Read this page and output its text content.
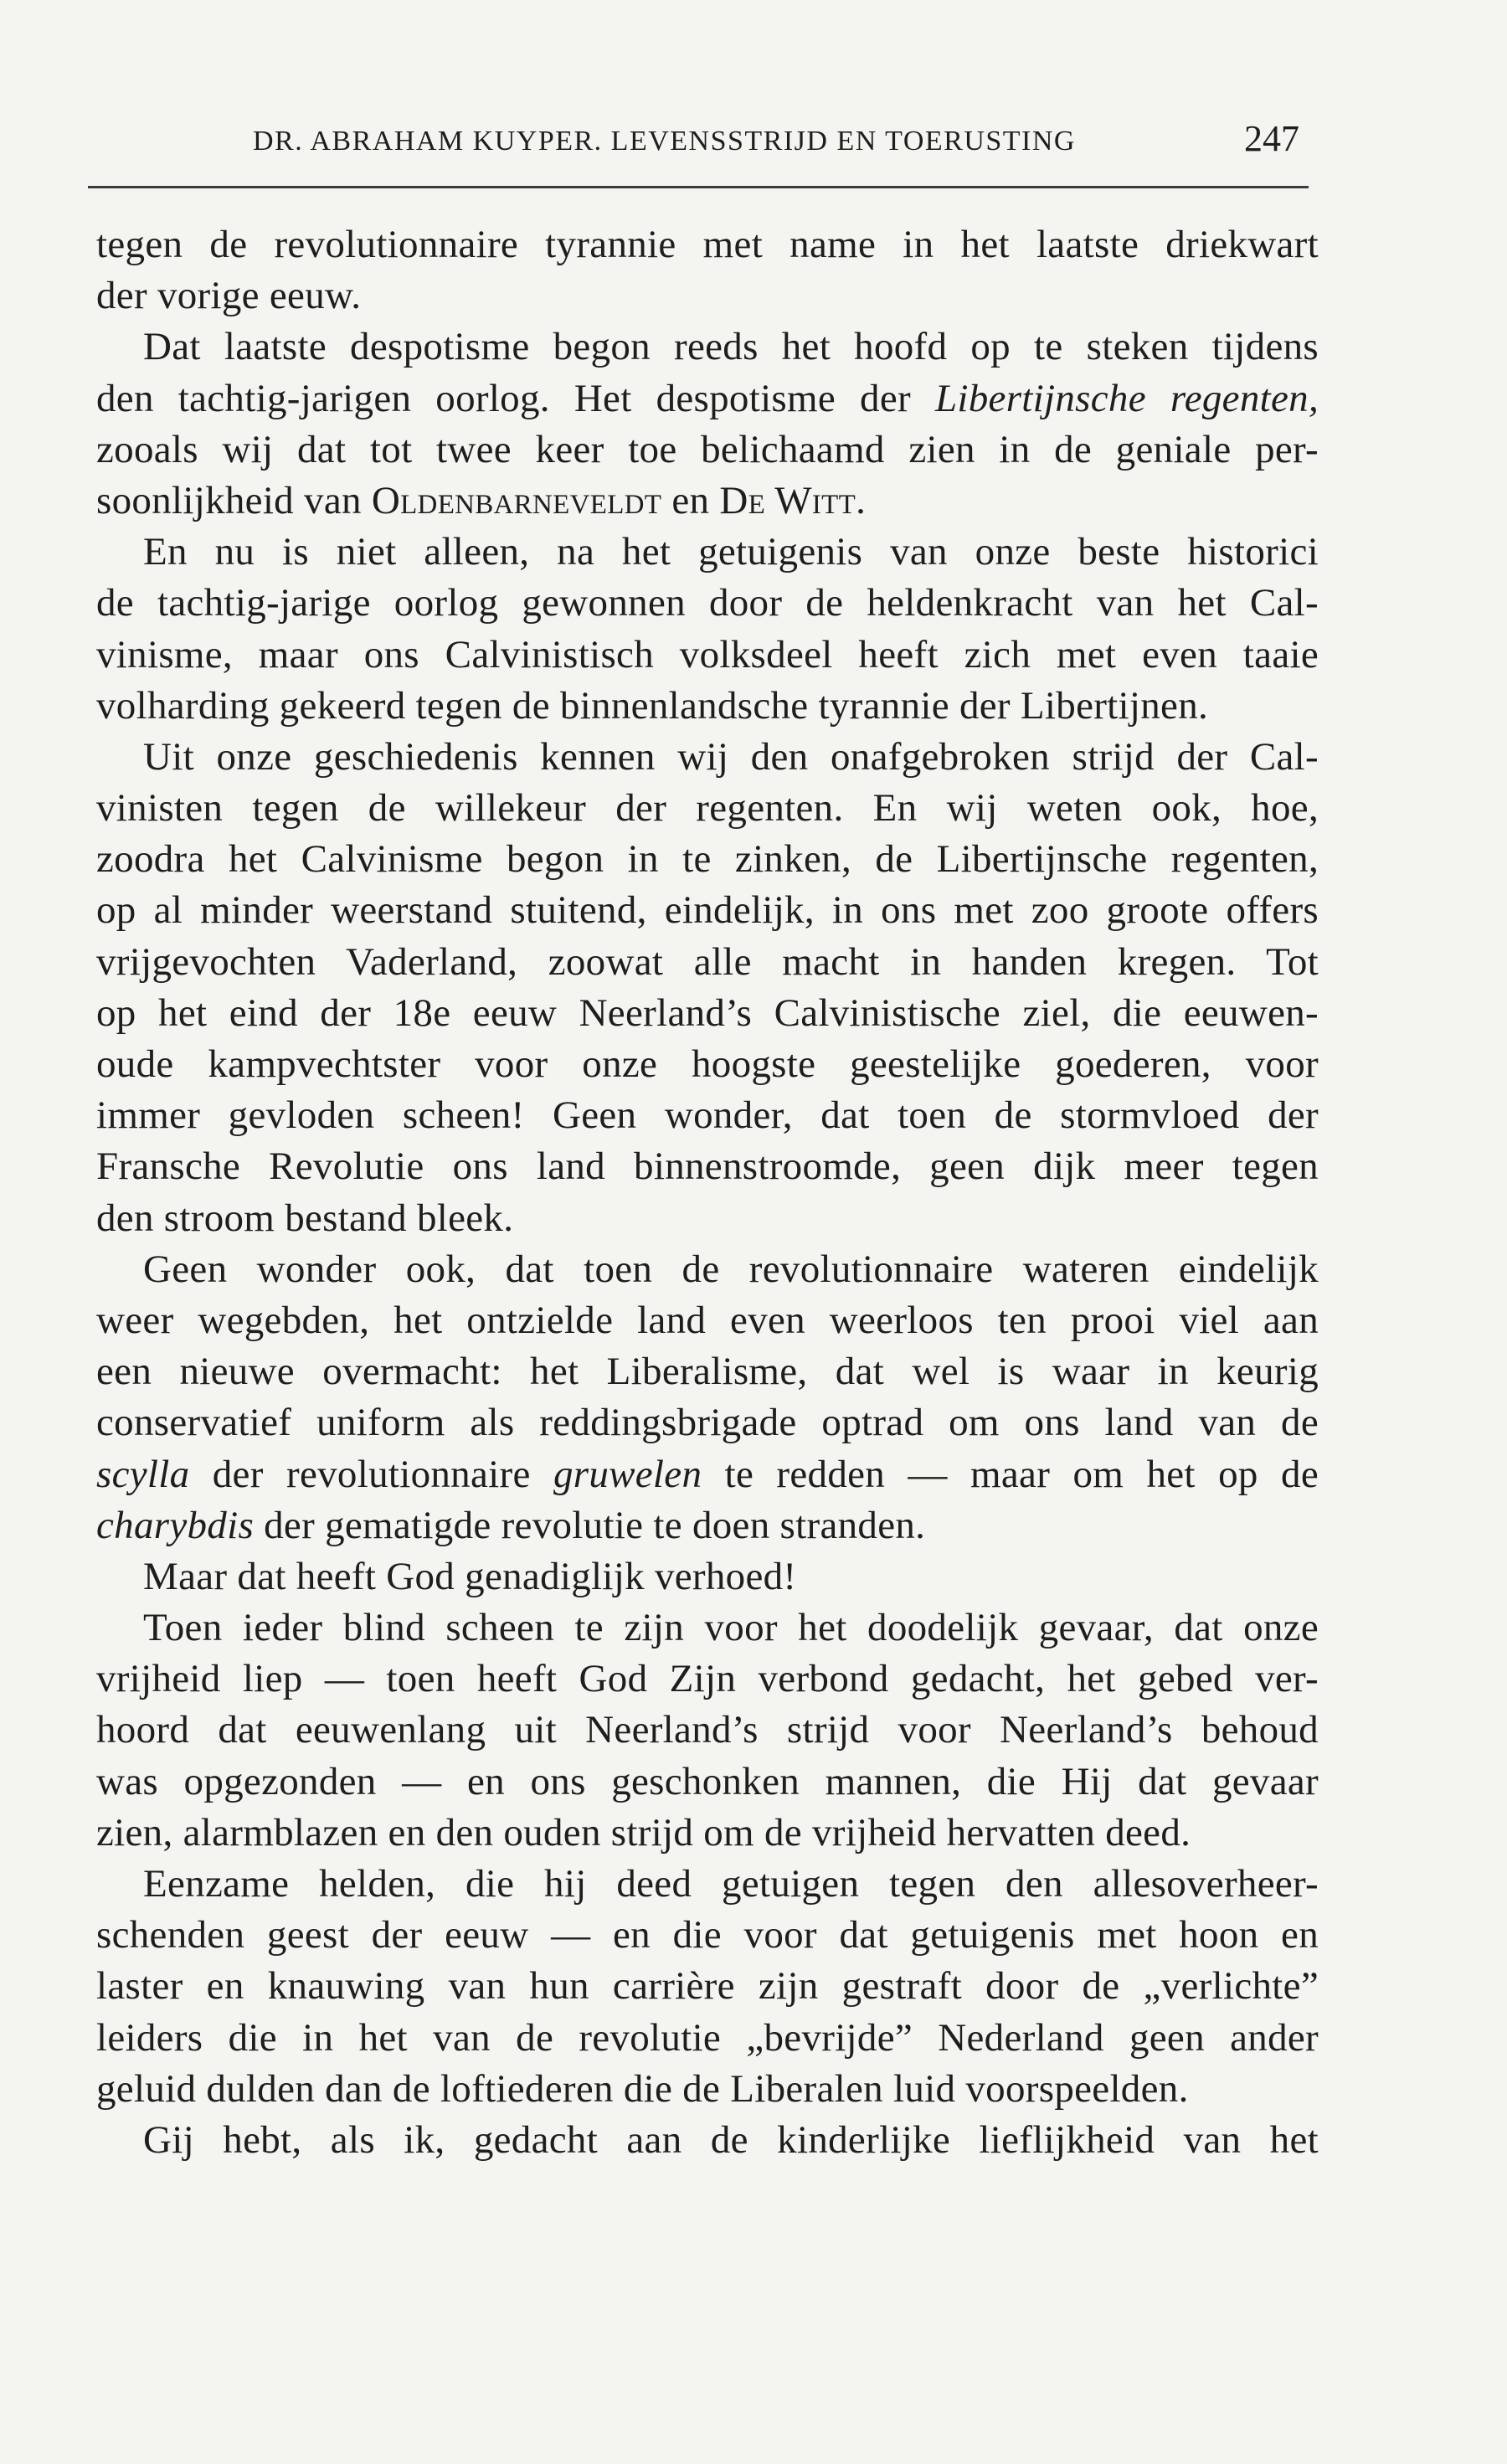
DR. ABRAHAM KUYPER. LEVENSSTRIJD EN TOERUSTING	247
tegen de revolutionnaire tyrannie met name in het laatste driekwart
der vorige eeuw.
Dat laatste despotisme begon reeds het hoofd op te steken tijdens
den tachtig-jarigen oorlog. Het despotisme der Libertijnsche regenten,
zooals wij dat tot twee keer toe belichaamd zien in de geniale per-
soonlijkheid van Oldenbarneveldt en De Witt.
En nu is niet alleen, na het getuigenis van onze beste historici
de tachtig-jarige oorlog gewonnen door de heldenkracht van het Cal-
vinisme, maar ons Calvinistisch volksdeel heeft zich met even taaie
volharding gekeerd tegen de binnenlandsche tyrannie der Libertijnen.
Uit onze geschiedenis kennen wij den onafgebroken strijd der Cal-
vinisten tegen de willekeur der regenten. En wij weten ook, hoe,
zoodra het Calvinisme begon in te zinken, de Libertijnsche regenten,
op al minder weerstand stuitend, eindelijk, in ons met zoo groote offers
vrijgevochten Vaderland, zoowat alle macht in handen kregen. Tot
op het eind der 18e eeuw Neerland’s Calvinistische ziel, die eeuwen-
oude kampvechtster voor onze hoogste geestelijke goederen, voor
immer gevloden scheen! Geen wonder, dat toen de stormvloed der
Fransche Revolutie ons land binnenstroomde, geen dijk meer tegen
den stroom bestand bleek.
Geen wonder ook, dat toen de revolutionnaire wateren eindelijk
weer wegebden, het ontzielde land even weerloos ten prooi viel aan
een nieuwe overmacht: het Liberalisme, dat wel is waar in keurig
conservatief uniform als reddingsbrigade optrad om ons land van de
scylla der revolutionnaire gruwelen te redden — maar om het op de
charybdis der gematigde revolutie te doen stranden.
Maar dat heeft God genadiglijk verhoed!
Toen ieder blind scheen te zijn voor het doodelijk gevaar, dat onze
vrijheid liep — toen heeft God Zijn verbond gedacht, het gebed ver-
hoord dat eeuwenlang uit Neerland’s strijd voor Neerland’s behoud
was opgezonden — en ons geschonken mannen, die Hij dat gevaar
zien, alarmblazen en den ouden strijd om de vrijheid hervatten deed.
Eenzame helden, die hij deed getuigen tegen den allesoverheer-
schenden geest der eeuw — en die voor dat getuigenis met hoon en
laster en knauwing van hun carrière zijn gestraft door de „verlichte”
leiders die in het van de revolutie „bevrijde” Nederland geen ander
geluid dulden dan de loftiederen die de Liberalen luid voorspeelden.
Gij hebt, als ik, gedacht aan de kinderlijke lieflijkheid van het
